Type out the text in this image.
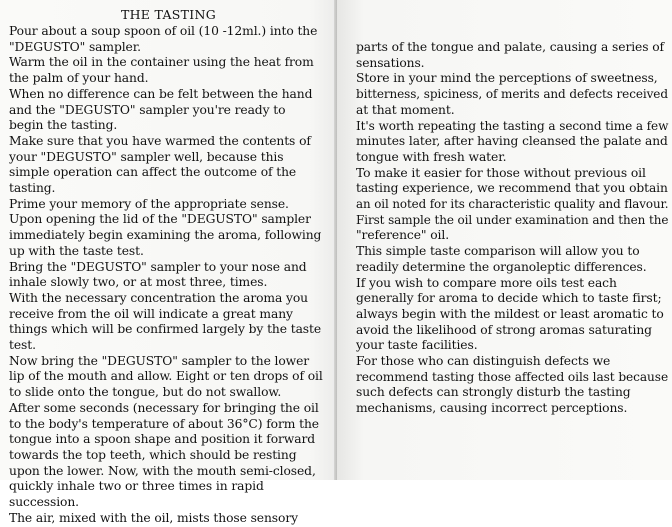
THE TASTING
Pour about a soup spoon of oil (10 -12ml.) into the
"DEGUSTO" sampler.
Warm the oil in the container using the heat from
the palm of your hand.
When no difference can be felt between the hand
and the "DEGUSTO" sampler you're ready to
begin the tasting.
Make sure that you have warmed the contents of
your "DEGUSTO" sampler well, because this
simple operation can affect the outcome of the
tasting.
Prime your memory of the appropriate sense.
Upon opening the lid of the "DEGUSTO" sampler
immediately begin examining the aroma, following
up with the taste test.
Bring the "DEGUSTO" sampler to your nose and
inhale slowly two, or at most three, times.
With the necessary concentration the aroma you
receive from the oil will indicate a great many
things which will be confirmed largely by the taste
test.
Now bring the "DEGUSTO" sampler to the lower
lip of the mouth and allow. Eight or ten drops of oil
to slide onto the tongue, but do not swallow.
After some seconds (necessary for bringing the oil
to the body's temperature of about 36°C) form the
tongue into a spoon shape and position it forward
towards the top teeth, which should be resting
upon the lower. Now, with the mouth semi-closed,
quickly inhale two or three times in rapid
succession.
The air, mixed with the oil, mists those sensory
parts of the tongue and palate, causing a series of
sensations.
Store in your mind the perceptions of sweetness,
bitterness, spiciness, of merits and defects received
at that moment.
It's worth repeating the tasting a second time a few
minutes later, after having cleansed the palate and
tongue with fresh water.
To make it easier for those without previous oil
tasting experience, we recommend that you obtain
an oil noted for its characteristic quality and flavour.
First sample the oil under examination and then the
"reference" oil.
This simple taste comparison will allow you to
readily determine the organoleptic differences.
If you wish to compare more oils test each
generally for aroma to decide which to taste first;
always begin with the mildest or least aromatic to
avoid the likelihood of strong aromas saturating
your taste facilities.
For those who can distinguish defects we
recommend tasting those affected oils last because
such defects can strongly disturb the tasting
mechanisms, causing incorrect perceptions.
